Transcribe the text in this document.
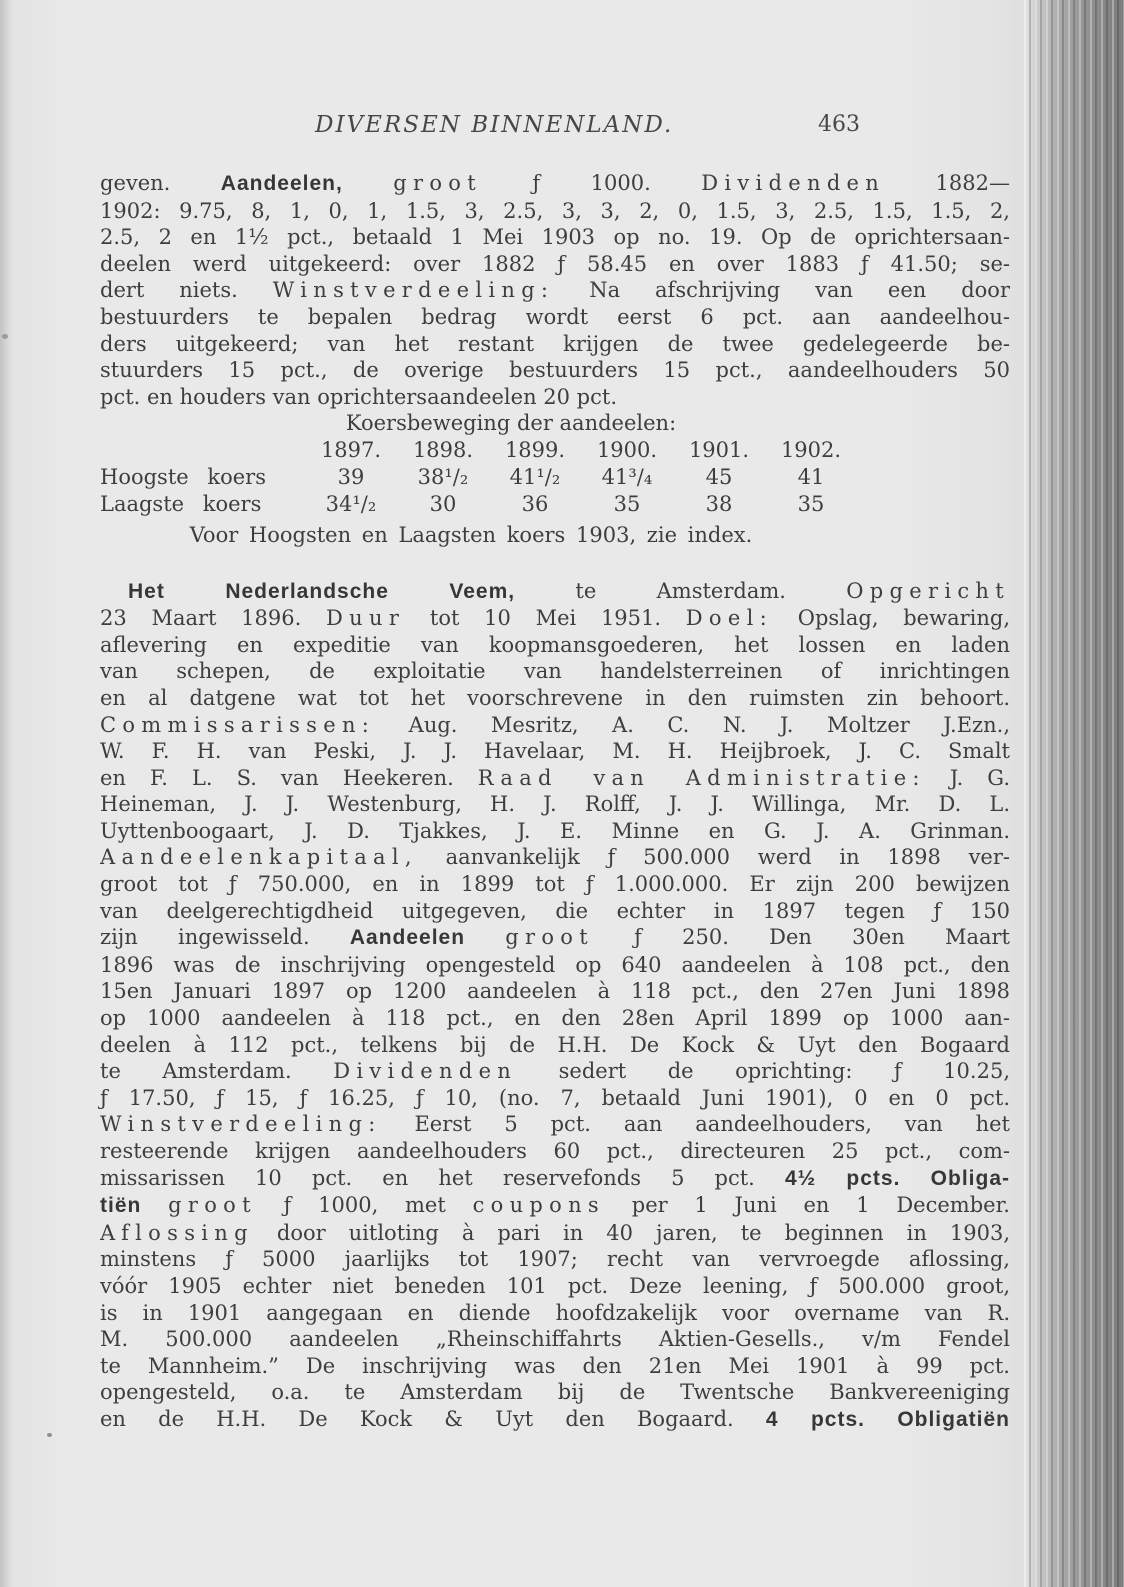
DIVERSEN BINNENLAND.	463
geven. Aandeelen, groot ƒ 1000. Dividenden 1882—
1902: 9.75, 8, 1, 0, 1, 1.5, 3, 2.5, 3, 3, 2, 0, 1.5, 3, 2.5, 1.5, 1.5, 2,
2.5, 2 en 1½ pct., betaald 1 Mei 1903 op no. 19. Op de oprichtersaan-
deelen werd uitgekeerd: over 1882 ƒ 58.45 en over 1883 ƒ 41.50; se-
dert niets. Winstverdeeling: Na afschrijving van een door
bestuurders te bepalen bedrag wordt eerst 6 pct. aan aandeelhou-
ders uitgekeerd; van het restant krijgen de twee gedelegeerde be-
stuurders 15 pct., de overige bestuurders 15 pct., aandeelhouders 50
pct. en houders van oprichtersaandeelen 20 pct.
Koersbeweging der aandeelen:
1897.	1898.	1899.	1900.	1901.	1902.
Hoogste koers	39	38¹/₂	41¹/₂	41³/₄	45	41
Laagste koers	34¹/₂	30	36	35	38	35
Voor Hoogsten en Laagsten koers 1903, zie index.
Het Nederlandsche Veem, te Amsterdam. Opgericht
23 Maart 1896. Duur tot 10 Mei 1951. Doel: Opslag, bewaring,
aflevering en expeditie van koopmansgoederen, het lossen en laden
van schepen, de exploitatie van handelsterreinen of inrichtingen
en al datgene wat tot het voorschrevene in den ruimsten zin behoort.
Commissarissen: Aug. Mesritz, A. C. N. J. Moltzer J.Ezn.,
W. F. H. van Peski, J. J. Havelaar, M. H. Heijbroek, J. C. Smalt
en F. L. S. van Heekeren. Raad van Administratie: J. G.
Heineman, J. J. Westenburg, H. J. Rolff, J. J. Willinga, Mr. D. L.
Uyttenboogaart, J. D. Tjakkes, J. E. Minne en G. J. A. Grinman.
Aandeelenkapitaal, aanvankelijk ƒ 500.000 werd in 1898 ver-
groot tot ƒ 750.000, en in 1899 tot ƒ 1.000.000. Er zijn 200 bewijzen
van deelgerechtigdheid uitgegeven, die echter in 1897 tegen ƒ 150
zijn ingewisseld. Aandeelen groot ƒ 250. Den 30en Maart
1896 was de inschrijving opengesteld op 640 aandeelen à 108 pct., den
15en Januari 1897 op 1200 aandeelen à 118 pct., den 27en Juni 1898
op 1000 aandeelen à 118 pct., en den 28en April 1899 op 1000 aan-
deelen à 112 pct., telkens bij de H.H. De Kock & Uyt den Bogaard
te Amsterdam. Dividenden sedert de oprichting: ƒ 10.25,
ƒ 17.50, ƒ 15, ƒ 16.25, ƒ 10, (no. 7, betaald Juni 1901), 0 en 0 pct.
Winstverdeeling: Eerst 5 pct. aan aandeelhouders, van het
resteerende krijgen aandeelhouders 60 pct., directeuren 25 pct., com-
missarissen 10 pct. en het reservefonds 5 pct. 4½ pcts. Obliga-
tiën groot ƒ 1000, met coupons per 1 Juni en 1 December.
Aflossing door uitloting à pari in 40 jaren, te beginnen in 1903,
minstens ƒ 5000 jaarlijks tot 1907; recht van vervroegde aflossing,
vóór 1905 echter niet beneden 101 pct. Deze leening, ƒ 500.000 groot,
is in 1901 aangegaan en diende hoofdzakelijk voor overname van R.
M. 500.000 aandeelen „Rheinschiffahrts Aktien-Gesells., v/m Fendel
te Mannheim.” De inschrijving was den 21en Mei 1901 à 99 pct.
opengesteld, o.a. te Amsterdam bij de Twentsche Bankvereeniging
en de H.H. De Kock & Uyt den Bogaard. 4 pcts. Obligatiën
